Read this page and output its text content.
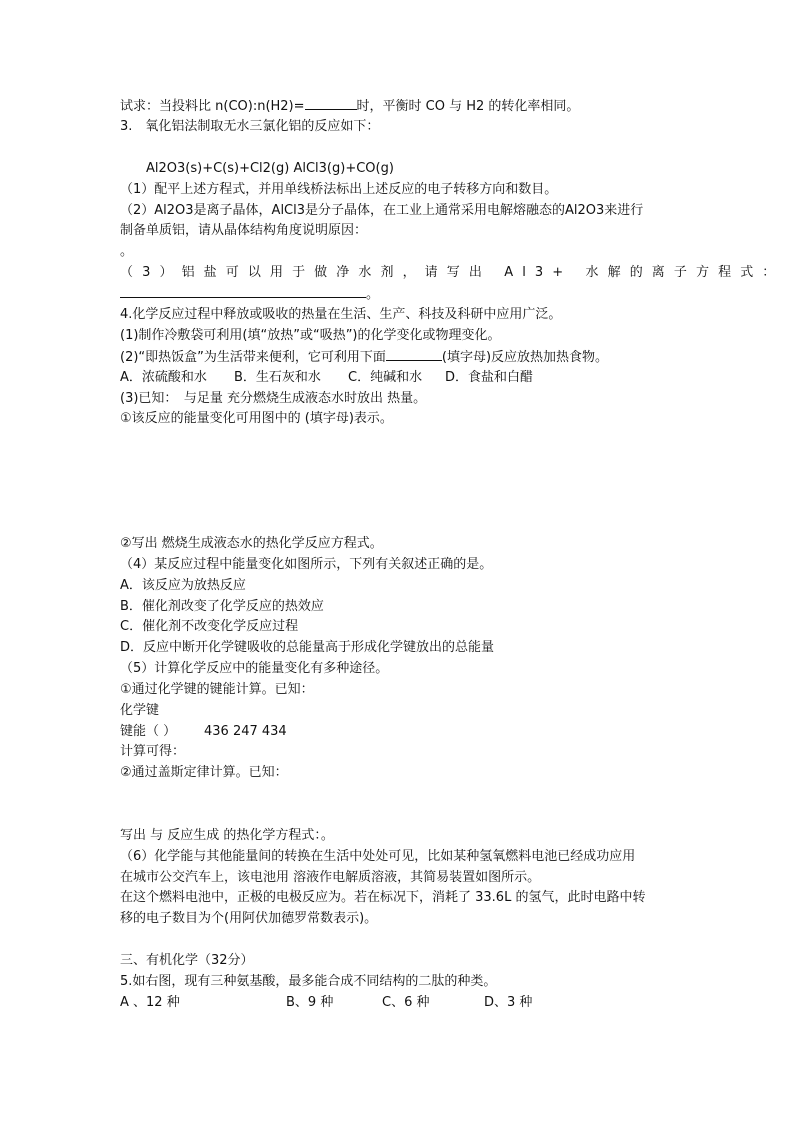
试求：当投料比 n(CO):n(H2)=	时，平衡时 CO 与 H2 的转化率相同。
3.　氧化铝法制取无水三氯化铝的反应如下：
Al2O3(s)+C(s)+Cl2(g) AlCl3(g)+CO(g)
（1）配平上述方程式，并用单线桥法标出上述反应的电子转移方向和数目。
（2）Al2O3是离子晶体，AlCl3是分子晶体，在工业上通常采用电解熔融态的Al2O3来进行
制备单质铝，请从晶体结构角度说明原因：
。
（3）铝盐可以用于做净水剂，请写出 Al3+ 水解的离子方程式：
。
4.化学反应过程中释放或吸收的热量在生活、生产、科技及科研中应用广泛。
(1)制作冷敷袋可利用(填“放热”或“吸热”)的化学变化或物理变化。
(2)“即热饭盒”为生活带来便利，它可利用下面	(填字母)反应放热加热食物。
A．浓硫酸和水 B．生石灰和水 C．纯碱和水 D．食盐和白醋
(3)已知：　与足量 充分燃烧生成液态水时放出 热量。
①该反应的能量变化可用图中的 (填字母)表示。
②写出 燃烧生成液态水的热化学反应方程式。
（4）某反应过程中能量变化如图所示，下列有关叙述正确的是。
A．该反应为放热反应
B．催化剂改变了化学反应的热效应
C．催化剂不改变化学反应过程
D．反应中断开化学键吸收的总能量高于形成化学键放出的总能量
（5）计算化学反应中的能量变化有多种途径。
①通过化学键的键能计算。已知：
化学键
键能（ ） 436 247 434
计算可得：
②通过盖斯定律计算。已知：
写出 与 反应生成 的热化学方程式：。
（6）化学能与其他能量间的转换在生活中处处可见，比如某种氢氧燃料电池已经成功应用
在城市公交汽车上，该电池用 溶液作电解质溶液，其简易装置如图所示。
在这个燃料电池中，正极的电极反应为。若在标况下，消耗了 33.6L 的氢气，此时电路中转
移的电子数目为个(用阿伏加德罗常数表示)。
三、有机化学（32分）
5.如右图，现有三种氨基酸，最多能合成不同结构的二肽的种类。
A 、12 种	B、9 种	C、6 种	D、3 种
